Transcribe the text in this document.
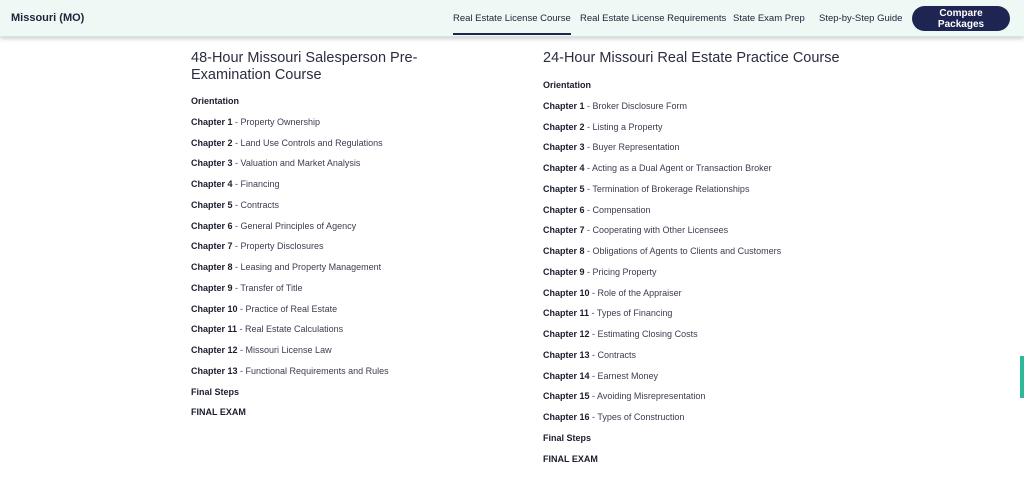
Missouri (MO)	Real Estate License Course Real Estate License Requirements State Exam Prep Step-by-Step Guide	Compare Packages
48-Hour Missouri Salesperson Pre-
Examination Course
Orientation
Chapter 1 - Property Ownership
Chapter 2 - Land Use Controls and Regulations
Chapter 3 - Valuation and Market Analysis
Chapter 4 - Financing
Chapter 5 - Contracts
Chapter 6 - General Principles of Agency
Chapter 7 - Property Disclosures
Chapter 8 - Leasing and Property Management
Chapter 9 - Transfer of Title
Chapter 10 - Practice of Real Estate
Chapter 11 - Real Estate Calculations
Chapter 12 - Missouri License Law
Chapter 13 - Functional Requirements and Rules
Final Steps
FINAL EXAM
24-Hour Missouri Real Estate Practice Course
Orientation
Chapter 1 - Broker Disclosure Form
Chapter 2 - Listing a Property
Chapter 3 - Buyer Representation
Chapter 4 - Acting as a Dual Agent or Transaction Broker
Chapter 5 - Termination of Brokerage Relationships
Chapter 6 - Compensation
Chapter 7 - Cooperating with Other Licensees
Chapter 8 - Obligations of Agents to Clients and Customers
Chapter 9 - Pricing Property
Chapter 10 - Role of the Appraiser
Chapter 11 - Types of Financing
Chapter 12 - Estimating Closing Costs
Chapter 13 - Contracts
Chapter 14 - Earnest Money
Chapter 15 - Avoiding Misrepresentation
Chapter 16 - Types of Construction
Final Steps
FINAL EXAM
